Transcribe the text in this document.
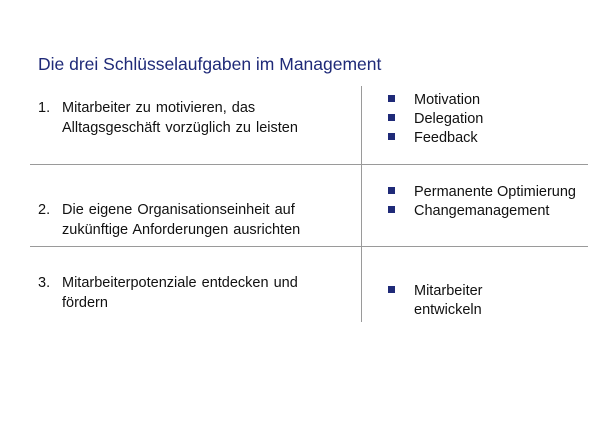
Die drei Schlüsselaufgaben im Management
1. Mitarbeiter zu motivieren, das
Alltagsgeschäft vorzüglich zu leisten
Motivation
Delegation
Feedback
2. Die eigene Organisationseinheit auf
zukünftige Anforderungen ausrichten
Permanente Optimierung
Changemanagement
3. Mitarbeiterpotenziale entdecken und
fördern
Mitarbeiter
entwickeln
